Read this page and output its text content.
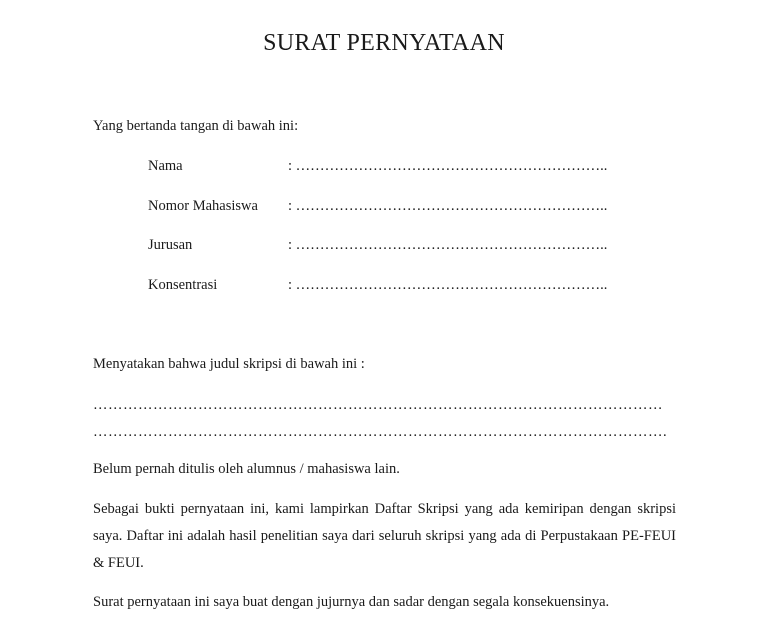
SURAT PERNYATAAN
Yang bertanda tangan di bawah ini:
Nama	: ………………………………………………………..
Nomor Mahasiswa : ………………………………………………………..
Jurusan	: ………………………………………………………..
Konsentrasi	: ………………………………………………………..
Menyatakan bahwa judul skripsi di bawah ini :
……………………………………………………………………………………………………
…………………………………………………………………………………………………….
Belum pernah ditulis oleh alumnus / mahasiswa lain.
Sebagai bukti pernyataan ini, kami lampirkan Daftar Skripsi yang ada kemiripan dengan skripsi saya. Daftar ini adalah hasil penelitian saya dari seluruh skripsi yang ada di Perpustakaan PE-FEUI & FEUI.
Surat pernyataan ini saya buat dengan jujurnya dan sadar dengan segala konsekuensinya.
